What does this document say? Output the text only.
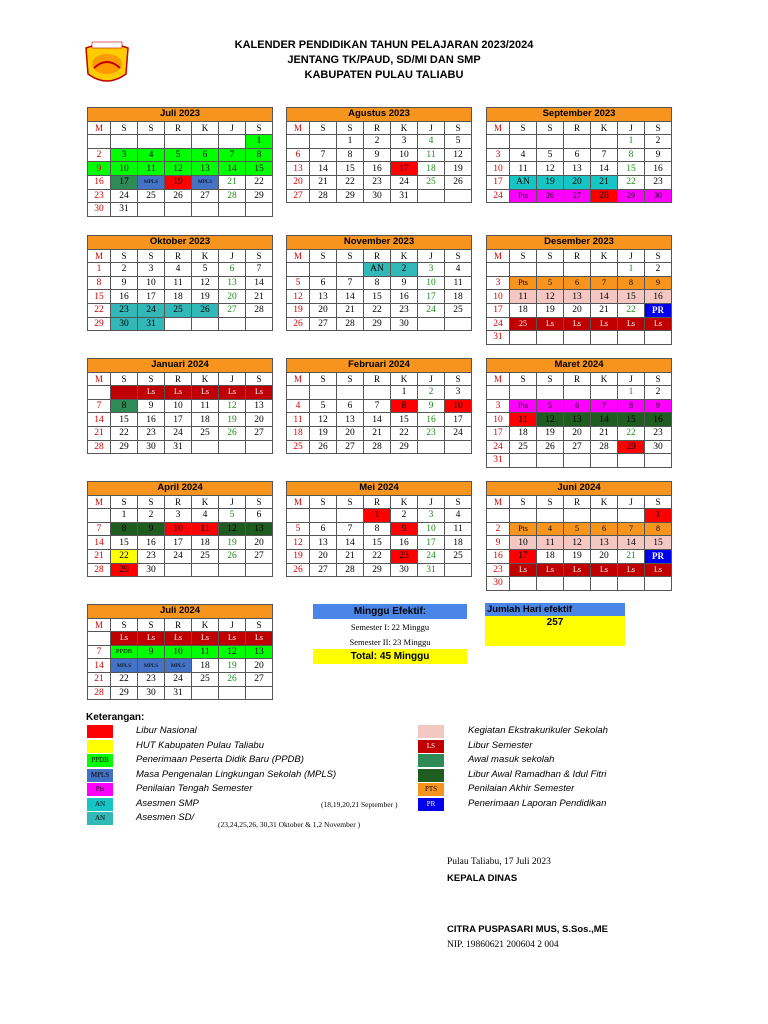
KALENDER PENDIDIKAN TAHUN PELAJARAN 2023/2024
JENTANG TK/PAUD, SD/MI DAN SMP
KABUPATEN PULAU TALIABU
Juli 2023						
M	S	S	R	K	J	S
						1
2	3	4	5	6	7	8
9	10	11	12	13	14	15
16	17	MPLS	19	MPLS	21	22
23	24	25	26	27	28	29
30	31					
Agustus 2023						
M	S	S	R	K	J	S
		1	2	3	4	5
6	7	8	9	10	11	12
13	14	15	16	17	18	19
20	21	22	23	24	25	26
27	28	29	30	31		
September 2023						
M	S	S	R	K	J	S
					1	2
3	4	5	6	7	8	9
10	11	12	13	14	15	16
17	AN	19	20	21	22	23
24	Pts	26	27	28	29	30
Oktober 2023						
M	S	S	R	K	J	S
1	2	3	4	5	6	7
8	9	10	11	12	13	14
15	16	17	18	19	20	21
22	23	24	25	26	27	28
29	30	31				
November 2023						
M	S	S	R	K	J	S
			AN	2	3	4
5	6	7	8	9	10	11
12	13	14	15	16	17	18
19	20	21	22	23	24	25
26	27	28	29	30		
Desember 2023						
M	S	S	R	K	J	S
					1	2
3	Pts	5	6	7	8	9
10	11	12	13	14	15	16
17	18	19	20	21	22	PR
24	25	Ls	Ls	Ls	Ls	Ls
31						
Januari 2024						
M	S	S	R	K	J	S
		Ls	Ls	Ls	Ls	Ls
7	8	9	10	11	12	13
14	15	16	17	18	19	20
21	22	23	24	25	26	27
28	29	30	31			
Februari 2024						
M	S	S	R	K	J	S
				1	2	3
4	5	6	7	8	9	10
11	12	13	14	15	16	17
18	19	20	21	22	23	24
25	26	27	28	29		
Maret 2024						
M	S	S	R	K	J	S
					1	2
3	Pts	5	6	7	8	9
10	11	12	13	14	15	16
17	18	19	20	21	22	23
24	25	26	27	28	29	30
31						
April 2024						
M	S	S	R	K	J	S
	1	2	3	4	5	6
7	8	9	10	11	12	13
14	15	16	17	18	19	20
21	22	23	24	25	26	27
28	29	30				
Mei 2024						
M	S	S	R	K	J	S
			1	2	3	4
5	6	7	8	9	10	11
12	13	14	15	16	17	18
19	20	21	22	23	24	25
26	27	28	29	30	31	
Juni 2024						
M	S	S	R	K	J	S
						1
2	Pts	4	5	6	7	8
9	10	11	12	13	14	15
16	17	18	19	20	21	PR
23	Ls	Ls	Ls	Ls	Ls	Ls
30						
Juli 2024						
M	S	S	R	K	J	S
	Ls	Ls	Ls	Ls	Ls	Ls
7	PPDB	9	10	11	12	13
14	MPLS	MPLS	MPLS	18	19	20
21	22	23	24	25	26	27
28	29	30	31			
Minggu Efektif:
Semester I: 22 Minggu
Semester II: 23 Minggu
Total: 45 Minggu
Jumlah Hari efektif
257
Keterangan:
Libur Nasional
HUT Kabupaten Pulau Taliabu
PPDB	Penerimaan Peserta Didik Baru (PPDB)
MPLS	Masa Pengenalan Lingkungan Sekolah (MPLS)
Pts	Penilaian Tengah Semester
AN	Asesmen SMP
AN	Asesmen SD/
Kegiatan Ekstrakurikuler Sekolah
LS	Libur Semester
Awal masuk sekolah
Libur Awal Ramadhan & Idul Fitri
PTS	Penilaian Akhir Semester
PR	Penerimaan Laporan Pendidikan
(18,19,20,21 September )
(23,24,25,26, 30,31 Oktober & 1,2 November )
Pulau Taliabu, 17 Juli 2023
KEPALA DINAS
CITRA PUSPASARI MUS, S.Sos.,ME
NIP. 19860621 200604 2 004
